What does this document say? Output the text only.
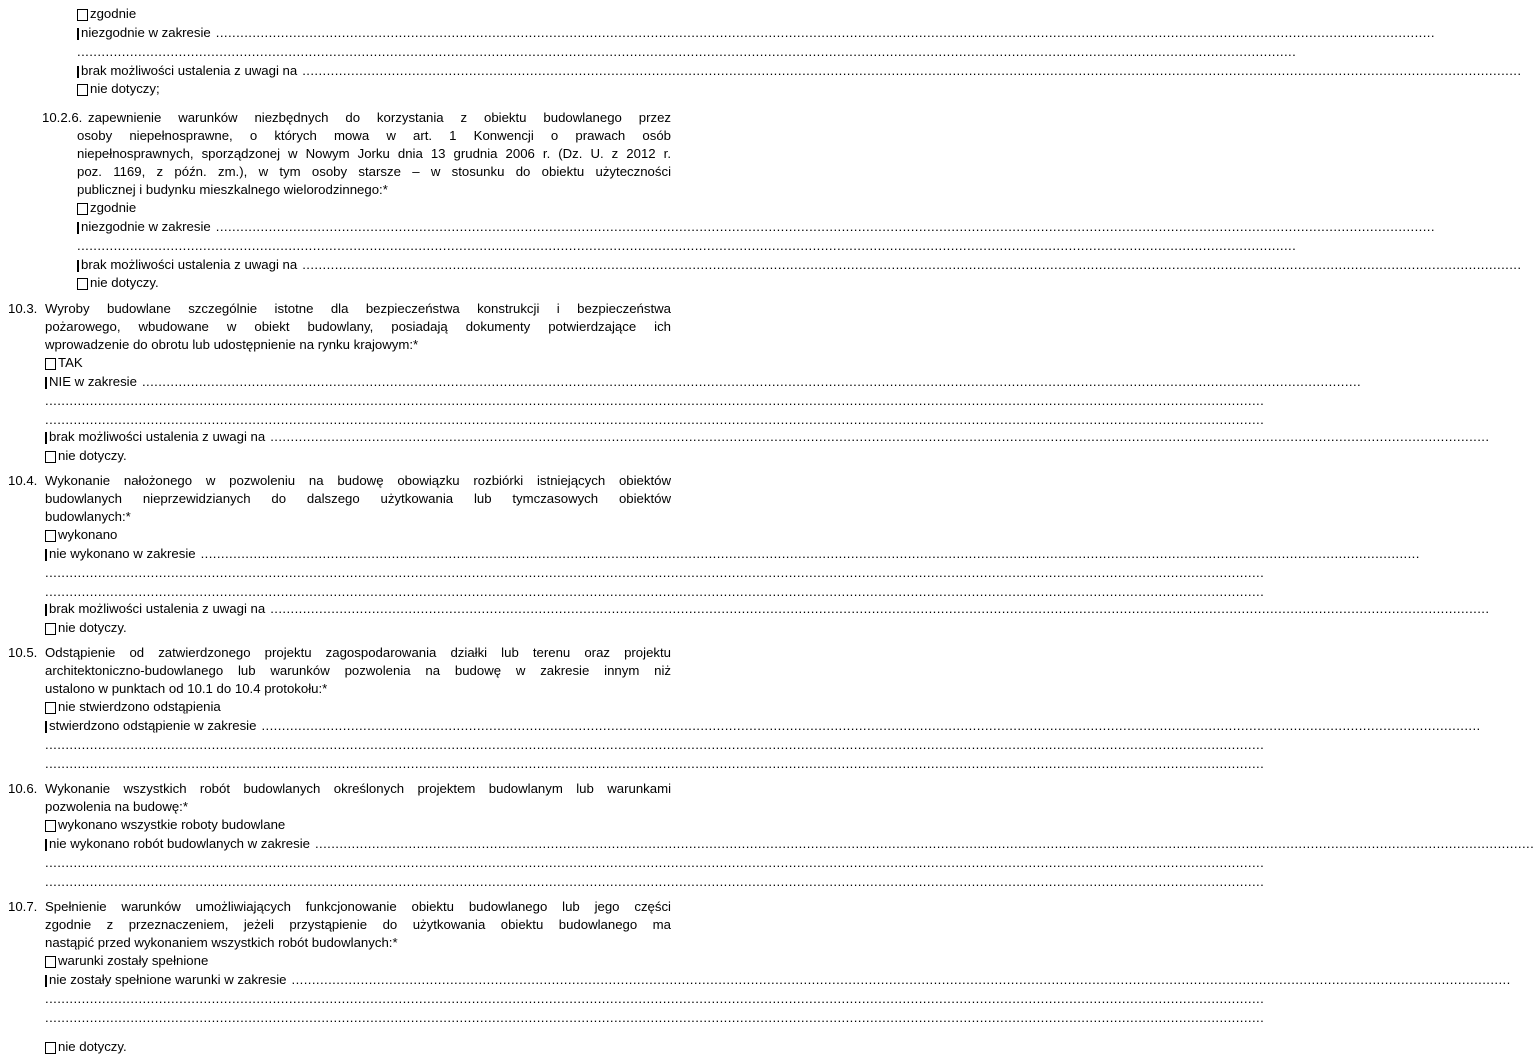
zgodnie
niezgodnie w zakresie ............................................................................................................................................................................................................................................................................................................
............................................................................................................................................................................................................................................................................................................
brak możliwości ustalenia z uwagi na ............................................................................................................................................................................................................................................................................................................
nie dotyczy;
10.2.6. zapewnienie warunków niezbędnych do korzystania z obiektu budowlanego przez
osoby niepełnosprawne, o których mowa w art. 1 Konwencji o prawach osób
niepełnosprawnych, sporządzonej w Nowym Jorku dnia 13 grudnia 2006 r. (Dz. U. z 2012 r.
poz. 1169, z późn. zm.), w tym osoby starsze – w stosunku do obiektu użyteczności
publicznej i budynku mieszkalnego wielorodzinnego:*
zgodnie
niezgodnie w zakresie ............................................................................................................................................................................................................................................................................................................
............................................................................................................................................................................................................................................................................................................
brak możliwości ustalenia z uwagi na ............................................................................................................................................................................................................................................................................................................
nie dotyczy.
10.3. Wyroby budowlane szczególnie istotne dla bezpieczeństwa konstrukcji i bezpieczeństwa
pożarowego, wbudowane w obiekt budowlany, posiadają dokumenty potwierdzające ich
wprowadzenie do obrotu lub udostępnienie na rynku krajowym:*
TAK
NIE w zakresie ............................................................................................................................................................................................................................................................................................................
............................................................................................................................................................................................................................................................................................................
............................................................................................................................................................................................................................................................................................................
brak możliwości ustalenia z uwagi na ............................................................................................................................................................................................................................................................................................................
nie dotyczy.
10.4. Wykonanie nałożonego w pozwoleniu na budowę obowiązku rozbiórki istniejących obiektów
budowlanych nieprzewidzianych do dalszego użytkowania lub tymczasowych obiektów
budowlanych:*
wykonano
nie wykonano w zakresie ............................................................................................................................................................................................................................................................................................................
............................................................................................................................................................................................................................................................................................................
............................................................................................................................................................................................................................................................................................................
brak możliwości ustalenia z uwagi na ............................................................................................................................................................................................................................................................................................................
nie dotyczy.
10.5. Odstąpienie od zatwierdzonego projektu zagospodarowania działki lub terenu oraz projektu
architektoniczno-budowlanego lub warunków pozwolenia na budowę w zakresie innym niż
ustalono w punktach od 10.1 do 10.4 protokołu:*
nie stwierdzono odstąpienia
stwierdzono odstąpienie w zakresie ............................................................................................................................................................................................................................................................................................................
............................................................................................................................................................................................................................................................................................................
............................................................................................................................................................................................................................................................................................................
10.6. Wykonanie wszystkich robót budowlanych określonych projektem budowlanym lub warunkami
pozwolenia na budowę:*
wykonano wszystkie roboty budowlane
nie wykonano robót budowlanych w zakresie ............................................................................................................................................................................................................................................................................................................
............................................................................................................................................................................................................................................................................................................
............................................................................................................................................................................................................................................................................................................
10.7. Spełnienie warunków umożliwiających funkcjonowanie obiektu budowlanego lub jego części
zgodnie z przeznaczeniem, jeżeli przystąpienie do użytkowania obiektu budowlanego ma
nastąpić przed wykonaniem wszystkich robót budowlanych:*
warunki zostały spełnione
nie zostały spełnione warunki w zakresie ............................................................................................................................................................................................................................................................................................................
............................................................................................................................................................................................................................................................................................................
............................................................................................................................................................................................................................................................................................................
nie dotyczy.
